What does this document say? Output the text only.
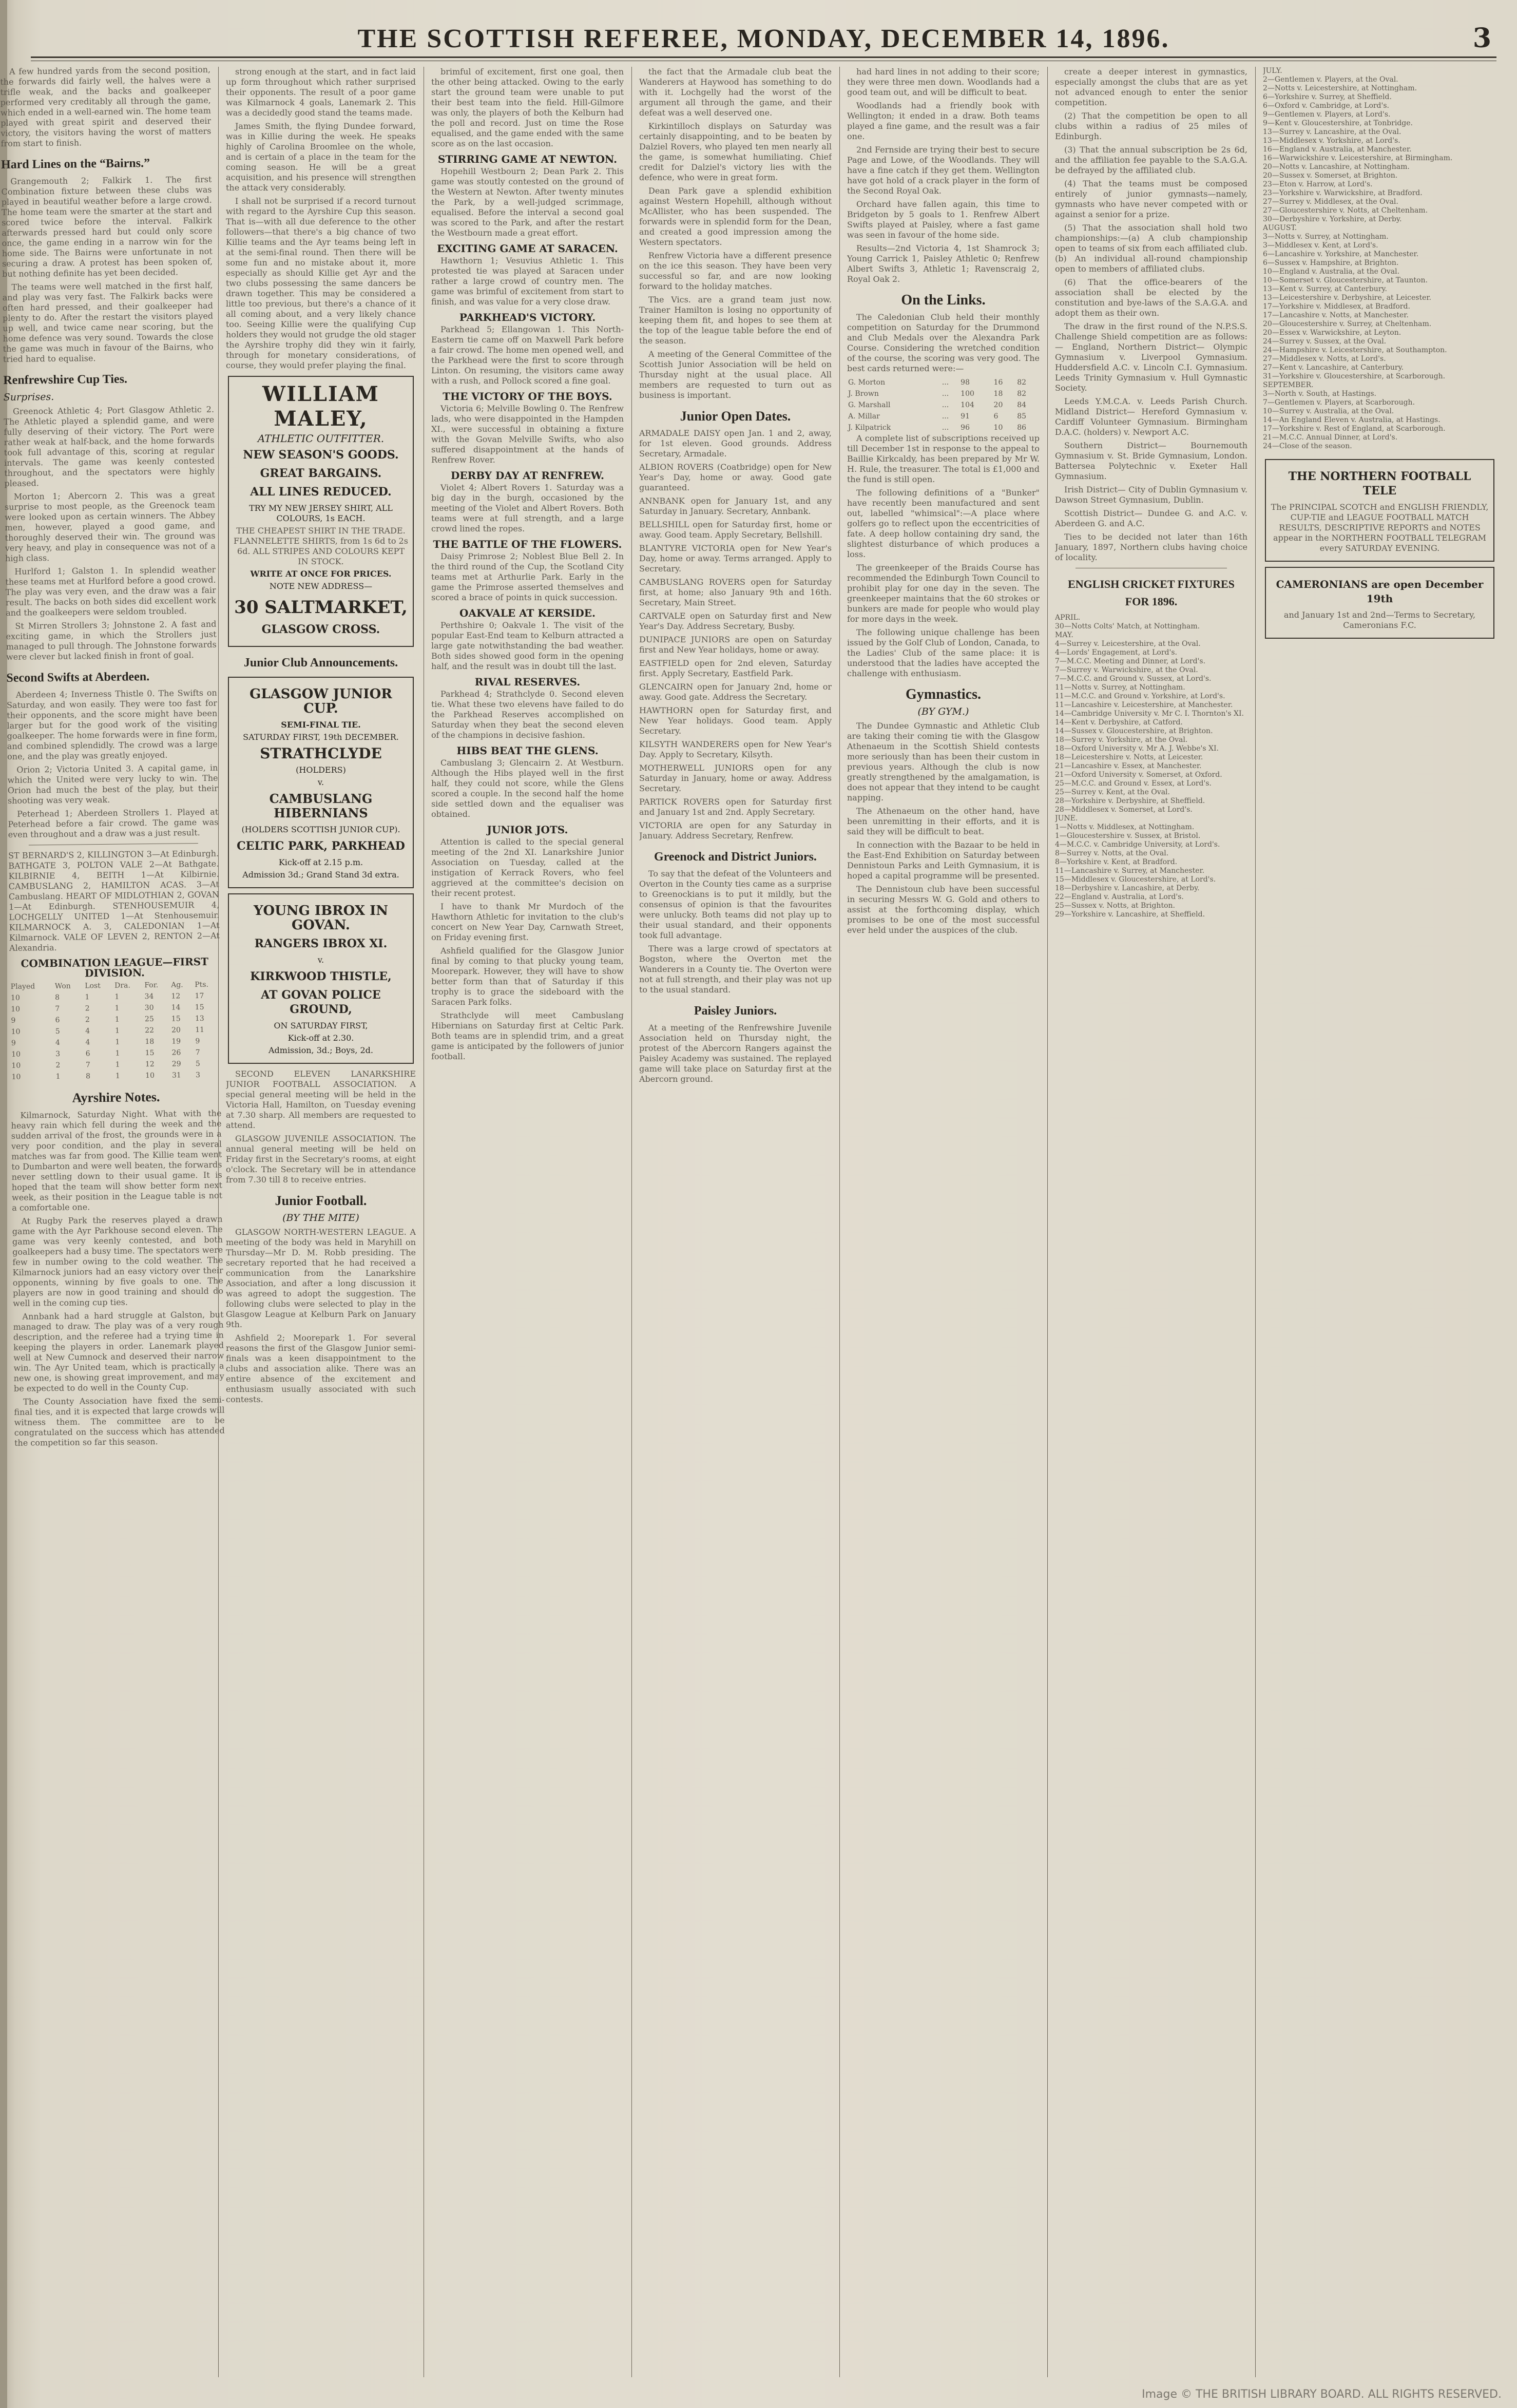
THE SCOTTISH REFEREE, MONDAY, DECEMBER 14, 1896.	3

A few hundred yards from the second position, the forwards did fairly well, the halves were a trifle weak, and the backs and goalkeeper performed very creditably all through the game, which ended in a well-earned win. The home team played with great spirit and deserved their victory, the visitors having the worst of matters from start to finish.

Hard Lines on the “Bairns.”

Grangemouth 2; Falkirk 1. The first Combination fixture between these clubs was played in beautiful weather before a large crowd. The home team were the smarter at the start and scored twice before the interval. Falkirk afterwards pressed hard but could only score once, the game ending in a narrow win for the home side. The Bairns were unfortunate in not securing a draw. A protest has been spoken of, but nothing definite has yet been decided.

The teams were well matched in the first half, and play was very fast. The Falkirk backs were often hard pressed, and their goalkeeper had plenty to do. After the restart the visitors played up well, and twice came near scoring, but the home defence was very sound. Towards the close the game was much in favour of the Bairns, who tried hard to equalise.

Renfrewshire Cup Ties.
Surprises.

Greenock Athletic 4; Port Glasgow Athletic 2. The Athletic played a splendid game, and were fully deserving of their victory. The Port were rather weak at half-back, and the home forwards took full advantage of this, scoring at regular intervals. The game was keenly contested throughout, and the spectators were highly pleased.

Morton 1; Abercorn 2. This was a great surprise to most people, as the Greenock team were looked upon as certain winners. The Abbey men, however, played a good game, and thoroughly deserved their win. The ground was very heavy, and play in consequence was not of a high class.

Hurlford 1; Galston 1. In splendid weather these teams met at Hurlford before a good crowd. The play was very even, and the draw was a fair result. The backs on both sides did excellent work and the goalkeepers were seldom troubled.

St Mirren Strollers 3; Johnstone 2. A fast and exciting game, in which the Strollers just managed to pull through. The Johnstone forwards were clever but lacked finish in front of goal.

Second Swifts at Aberdeen.

Aberdeen 4; Inverness Thistle 0. The Swifts on Saturday, and won easily. They were too fast for their opponents, and the score might have been larger but for the good work of the visiting goalkeeper. The home forwards were in fine form, and combined splendidly. The crowd was a large one, and the play was greatly enjoyed.

Orion 2; Victoria United 3. A capital game, in which the United were very lucky to win. The Orion had much the best of the play, but their shooting was very weak.

Peterhead 1; Aberdeen Strollers 1. Played at Peterhead before a fair crowd. The game was even throughout and a draw was a just result.

ST BERNARD'S 2, KILLINGTON 3—At Edinburgh. BATHGATE 3, POLTON VALE 2—At Bathgate. KILBIRNIE 4, BEITH 1—At Kilbirnie. CAMBUSLANG 2, HAMILTON ACAS. 3—At Cambuslang. HEART OF MIDLOTHIAN 2, GOVAN 1—At Edinburgh. STENHOUSEMUIR 4, LOCHGELLY UNITED 1—At Stenhousemuir. KILMARNOCK A. 3, CALEDONIAN 1—At Kilmarnock. VALE OF LEVEN 2, RENTON 2—At Alexandria.

COMBINATION LEAGUE—FIRST DIVISION.
Played	Won	Lost	Dra.	For.	Ag.	Pts.
10	8	1	1	34	12	17
10	7	2	1	30	14	15
9	6	2	1	25	15	13
10	5	4	1	22	20	11
9	4	4	1	18	19	9
10	3	6	1	15	26	7
10	2	7	1	12	29	5
10	1	8	1	10	31	3
Ayrshire Notes.

Kilmarnock, Saturday Night. What with the heavy rain which fell during the week and the sudden arrival of the frost, the grounds were in a very poor condition, and the play in several matches was far from good. The Killie team went to Dumbarton and were well beaten, the forwards never settling down to their usual game. It is hoped that the team will show better form next week, as their position in the League table is not a comfortable one.

At Rugby Park the reserves played a drawn game with the Ayr Parkhouse second eleven. The game was very keenly contested, and both goalkeepers had a busy time. The spectators were few in number owing to the cold weather. The Kilmarnock juniors had an easy victory over their opponents, winning by five goals to one. The players are now in good training and should do well in the coming cup ties.

Annbank had a hard struggle at Galston, but managed to draw. The play was of a very rough description, and the referee had a trying time in keeping the players in order. Lanemark played well at New Cumnock and deserved their narrow win. The Ayr United team, which is practically a new one, is showing great improvement, and may be expected to do well in the County Cup.

The County Association have fixed the semi-final ties, and it is expected that large crowds will witness them. The committee are to be congratulated on the success which has attended the competition so far this season.

strong enough at the start, and in fact laid up form throughout which rather surprised their opponents. The result of a poor game was Kilmarnock 4 goals, Lanemark 2. This was a decidedly good stand the teams made.

James Smith, the flying Dundee forward, was in Killie during the week. He speaks highly of Carolina Broomlee on the whole, and is certain of a place in the team for the coming season. He will be a great acquisition, and his presence will strengthen the attack very considerably.

I shall not be surprised if a record turnout with regard to the Ayrshire Cup this season. That is—with all due deference to the other followers—that there's a big chance of two Killie teams and the Ayr teams being left in at the semi-final round. Then there will be some fun and no mistake about it, more especially as should Killie get Ayr and the two clubs possessing the same dancers be drawn together. This may be considered a little too previous, but there's a chance of it all coming about, and a very likely chance too. Seeing Killie were the qualifying Cup holders they would not grudge the old stager the Ayrshire trophy did they win it fairly, through for monetary considerations, of course, they would prefer playing the final.

WILLIAM MALEY,
ATHLETIC OUTFITTER.
NEW SEASON'S GOODS.
GREAT BARGAINS.
ALL LINES REDUCED.
TRY MY NEW JERSEY SHIRT, ALL COLOURS, 1s EACH.
THE CHEAPEST SHIRT IN THE TRADE. FLANNELETTE SHIRTS, from 1s 6d to 2s 6d. ALL STRIPES AND COLOURS KEPT IN STOCK.
WRITE AT ONCE FOR PRICES.
NOTE NEW ADDRESS—
30 SALTMARKET,
GLASGOW CROSS.
Junior Club Announcements.
GLASGOW JUNIOR CUP.
SEMI-FINAL TIE.
SATURDAY FIRST, 19th DECEMBER.
STRATHCLYDE
(HOLDERS)
v.
CAMBUSLANG HIBERNIANS
(HOLDERS SCOTTISH JUNIOR CUP).
CELTIC PARK, PARKHEAD
Kick-off at 2.15 p.m.
Admission 3d.; Grand Stand 3d extra.
YOUNG IBROX IN GOVAN.
RANGERS IBROX XI.
v.
KIRKWOOD THISTLE,
AT GOVAN POLICE GROUND,
ON SATURDAY FIRST,
Kick-off at 2.30.
Admission, 3d.; Boys, 2d.

SECOND ELEVEN LANARKSHIRE JUNIOR FOOTBALL ASSOCIATION. A special general meeting will be held in the Victoria Hall, Hamilton, on Tuesday evening at 7.30 sharp. All members are requested to attend.

GLASGOW JUVENILE ASSOCIATION. The annual general meeting will be held on Friday first in the Secretary's rooms, at eight o'clock. The Secretary will be in attendance from 7.30 till 8 to receive entries.

Junior Football.
(BY THE MITE)

GLASGOW NORTH-WESTERN LEAGUE. A meeting of the body was held in Maryhill on Thursday—Mr D. M. Robb presiding. The secretary reported that he had received a communication from the Lanarkshire Association, and after a long discussion it was agreed to adopt the suggestion. The following clubs were selected to play in the Glasgow League at Kelburn Park on January 9th.

Ashfield 2; Moorepark 1. For several reasons the first of the Glasgow Junior semi-finals was a keen disappointment to the clubs and association alike. There was an entire absence of the excitement and enthusiasm usually associated with such contests.

brimful of excitement, first one goal, then the other being attacked. Owing to the early start the ground team were unable to put their best team into the field. Hill-Gilmore was only, the players of both the Kelburn had the poll and record. Just on time the Rose equalised, and the game ended with the same score as on the last occasion.

STIRRING GAME AT NEWTON.

Hopehill Westbourn 2; Dean Park 2. This game was stoutly contested on the ground of the Western at Newton. After twenty minutes the Park, by a well-judged scrimmage, equalised. Before the interval a second goal was scored to the Park, and after the restart the Westbourn made a great effort.

EXCITING GAME AT SARACEN.

Hawthorn 1; Vesuvius Athletic 1. This protested tie was played at Saracen under rather a large crowd of country men. The game was brimful of excitement from start to finish, and was value for a very close draw.

PARKHEAD'S VICTORY.

Parkhead 5; Ellangowan 1. This North-Eastern tie came off on Maxwell Park before a fair crowd. The home men opened well, and the Parkhead were the first to score through Linton. On resuming, the visitors came away with a rush, and Pollock scored a fine goal.

THE VICTORY OF THE BOYS.

Victoria 6; Melville Bowling 0. The Renfrew lads, who were disappointed in the Hampden XI., were successful in obtaining a fixture with the Govan Melville Swifts, who also suffered disappointment at the hands of Renfrew Rover.

DERBY DAY AT RENFREW.

Violet 4; Albert Rovers 1. Saturday was a big day in the burgh, occasioned by the meeting of the Violet and Albert Rovers. Both teams were at full strength, and a large crowd lined the ropes.

THE BATTLE OF THE FLOWERS.

Daisy Primrose 2; Noblest Blue Bell 2. In the third round of the Cup, the Scotland City teams met at Arthurlie Park. Early in the game the Primrose asserted themselves and scored a brace of points in quick succession.

OAKVALE AT KERSIDE.

Perthshire 0; Oakvale 1. The visit of the popular East-End team to Kelburn attracted a large gate notwithstanding the bad weather. Both sides showed good form in the opening half, and the result was in doubt till the last.

RIVAL RESERVES.

Parkhead 4; Strathclyde 0. Second eleven tie. What these two elevens have failed to do the Parkhead Reserves accomplished on Saturday when they beat the second eleven of the champions in decisive fashion.

HIBS BEAT THE GLENS.

Cambuslang 3; Glencairn 2. At Westburn. Although the Hibs played well in the first half, they could not score, while the Glens scored a couple. In the second half the home side settled down and the equaliser was obtained.

JUNIOR JOTS.

Attention is called to the special general meeting of the 2nd XI. Lanarkshire Junior Association on Tuesday, called at the instigation of Kerrack Rovers, who feel aggrieved at the committee's decision on their recent protest.

I have to thank Mr Murdoch of the Hawthorn Athletic for invitation to the club's concert on New Year Day, Carnwath Street, on Friday evening first.

Ashfield qualified for the Glasgow Junior final by coming to that plucky young team, Moorepark. However, they will have to show better form than that of Saturday if this trophy is to grace the sideboard with the Saracen Park folks.

Strathclyde will meet Cambuslang Hibernians on Saturday first at Celtic Park. Both teams are in splendid trim, and a great game is anticipated by the followers of junior football.

the fact that the Armadale club beat the Wanderers at Haywood has something to do with it. Lochgelly had the worst of the argument all through the game, and their defeat was a well deserved one.

Kirkintilloch displays on Saturday was certainly disappointing, and to be beaten by Dalziel Rovers, who played ten men nearly all the game, is somewhat humiliating. Chief credit for Dalziel's victory lies with the defence, who were in great form.

Dean Park gave a splendid exhibition against Western Hopehill, although without McAllister, who has been suspended. The forwards were in splendid form for the Dean, and created a good impression among the Western spectators.

Renfrew Victoria have a different presence on the ice this season. They have been very successful so far, and are now looking forward to the holiday matches.

The Vics. are a grand team just now. Trainer Hamilton is losing no opportunity of keeping them fit, and hopes to see them at the top of the league table before the end of the season.

A meeting of the General Committee of the Scottish Junior Association will be held on Thursday night at the usual place. All members are requested to turn out as business is important.

Junior Open Dates.

ARMADALE DAISY open Jan. 1 and 2, away, for 1st eleven. Good grounds. Address Secretary, Armadale.

ALBION ROVERS (Coatbridge) open for New Year's Day, home or away. Good gate guaranteed.

ANNBANK open for January 1st, and any Saturday in January. Secretary, Annbank.

BELLSHILL open for Saturday first, home or away. Good team. Apply Secretary, Bellshill.

BLANTYRE VICTORIA open for New Year's Day, home or away. Terms arranged. Apply to Secretary.

CAMBUSLANG ROVERS open for Saturday first, at home; also January 9th and 16th. Secretary, Main Street.

CARTVALE open on Saturday first and New Year's Day. Address Secretary, Busby.

DUNIPACE JUNIORS are open on Saturday first and New Year holidays, home or away.

EASTFIELD open for 2nd eleven, Saturday first. Apply Secretary, Eastfield Park.

GLENCAIRN open for January 2nd, home or away. Good gate. Address the Secretary.

HAWTHORN open for Saturday first, and New Year holidays. Good team. Apply Secretary.

KILSYTH WANDERERS open for New Year's Day. Apply to Secretary, Kilsyth.

MOTHERWELL JUNIORS open for any Saturday in January, home or away. Address Secretary.

PARTICK ROVERS open for Saturday first and January 1st and 2nd. Apply Secretary.

VICTORIA are open for any Saturday in January. Address Secretary, Renfrew.

Greenock and District Juniors.

To say that the defeat of the Volunteers and Overton in the County ties came as a surprise to Greenockians is to put it mildly, but the consensus of opinion is that the favourites were unlucky. Both teams did not play up to their usual standard, and their opponents took full advantage.

There was a large crowd of spectators at Bogston, where the Overton met the Wanderers in a County tie. The Overton were not at full strength, and their play was not up to the usual standard.

Paisley Juniors.

At a meeting of the Renfrewshire Juvenile Association held on Thursday night, the protest of the Abercorn Rangers against the Paisley Academy was sustained. The replayed game will take place on Saturday first at the Abercorn ground.

had hard lines in not adding to their score; they were three men down. Woodlands had a good team out, and will be difficult to beat.

Woodlands had a friendly book with Wellington; it ended in a draw. Both teams played a fine game, and the result was a fair one.

2nd Fernside are trying their best to secure Page and Lowe, of the Woodlands. They will have a fine catch if they get them. Wellington have got hold of a crack player in the form of the Second Royal Oak.

Orchard have fallen again, this time to Bridgeton by 5 goals to 1. Renfrew Albert Swifts played at Paisley, where a fast game was seen in favour of the home side.

Results—2nd Victoria 4, 1st Shamrock 3; Young Carrick 1, Paisley Athletic 0; Renfrew Albert Swifts 3, Athletic 1; Ravenscraig 2, Royal Oak 2.

On the Links.

The Caledonian Club held their monthly competition on Saturday for the Drummond and Club Medals over the Alexandra Park Course. Considering the wretched condition of the course, the scoring was very good. The best cards returned were:—

G. Morton	...	98	16	82
J. Brown	...	100	18	82
G. Marshall	...	104	20	84
A. Millar	...	91	6	85
J. Kilpatrick	...	96	10	86

A complete list of subscriptions received up till December 1st in response to the appeal to Baillie Kirkcaldy, has been prepared by Mr W. H. Rule, the treasurer. The total is £1,000 and the fund is still open.

The following definitions of a "Bunker" have recently been manufactured and sent out, labelled "whimsical":—A place where golfers go to reflect upon the eccentricities of fate. A deep hollow containing dry sand, the slightest disturbance of which produces a loss.

The greenkeeper of the Braids Course has recommended the Edinburgh Town Council to prohibit play for one day in the seven. The greenkeeper maintains that the 60 strokes or bunkers are made for people who would play for more days in the week.

The following unique challenge has been issued by the Golf Club of London, Canada, to the Ladies' Club of the same place: it is understood that the ladies have accepted the challenge with enthusiasm.

Gymnastics.
(BY GYM.)

The Dundee Gymnastic and Athletic Club are taking their coming tie with the Glasgow Athenaeum in the Scottish Shield contests more seriously than has been their custom in previous years. Although the club is now greatly strengthened by the amalgamation, is does not appear that they intend to be caught napping.

The Athenaeum on the other hand, have been unremitting in their efforts, and it is said they will be difficult to beat.

In connection with the Bazaar to be held in the East-End Exhibition on Saturday between Dennistoun Parks and Leith Gymnasium, it is hoped a capital programme will be presented.

The Dennistoun club have been successful in securing Messrs W. G. Gold and others to assist at the forthcoming display, which promises to be one of the most successful ever held under the auspices of the club.

create a deeper interest in gymnastics, especially amongst the clubs that are as yet not advanced enough to enter the senior competition.

(2) That the competition be open to all clubs within a radius of 25 miles of Edinburgh.

(3) That the annual subscription be 2s 6d, and the affiliation fee payable to the S.A.G.A. be defrayed by the affiliated club.

(4) That the teams must be composed entirely of junior gymnasts—namely, gymnasts who have never competed with or against a senior for a prize.

(5) That the association shall hold two championships:—(a) A club championship open to teams of six from each affiliated club. (b) An individual all-round championship open to members of affiliated clubs.

(6) That the office-bearers of the association shall be elected by the constitution and bye-laws of the S.A.G.A. and adopt them as their own.

The draw in the first round of the N.P.S.S. Challenge Shield competition are as follows:— England, Northern District— Olympic Gymnasium v. Liverpool Gymnasium. Huddersfield A.C. v. Lincoln C.I. Gymnasium. Leeds Trinity Gymnasium v. Hull Gymnastic Society.

Leeds Y.M.C.A. v. Leeds Parish Church. Midland District— Hereford Gymnasium v. Cardiff Volunteer Gymnasium. Birmingham D.A.C. (holders) v. Newport A.C.

Southern District— Bournemouth Gymnasium v. St. Bride Gymnasium, London. Battersea Polytechnic v. Exeter Hall Gymnasium.

Irish District— City of Dublin Gymnasium v. Dawson Street Gymnasium, Dublin.

Scottish District— Dundee G. and A.C. v. Aberdeen G. and A.C.

Ties to be decided not later than 16th January, 1897, Northern clubs having choice of locality.

ENGLISH CRICKET FIXTURES FOR 1896.

APRIL.

30—Notts Colts' Match, at Nottingham.

MAY.

4—Surrey v. Leicestershire, at the Oval.

4—Lords' Engagement, at Lord's.

7—M.C.C. Meeting and Dinner, at Lord's.

7—Surrey v. Warwickshire, at the Oval.

7—M.C.C. and Ground v. Sussex, at Lord's.

11—Notts v. Surrey, at Nottingham.

11—M.C.C. and Ground v. Yorkshire, at Lord's.

11—Lancashire v. Leicestershire, at Manchester.

14—Cambridge University v. Mr C. I. Thornton's XI.

14—Kent v. Derbyshire, at Catford.

14—Sussex v. Gloucestershire, at Brighton.

18—Surrey v. Yorkshire, at the Oval.

18—Oxford University v. Mr A. J. Webbe's XI.

18—Leicestershire v. Notts, at Leicester.

21—Lancashire v. Essex, at Manchester.

21—Oxford University v. Somerset, at Oxford.

25—M.C.C. and Ground v. Essex, at Lord's.

25—Surrey v. Kent, at the Oval.

28—Yorkshire v. Derbyshire, at Sheffield.

28—Middlesex v. Somerset, at Lord's.

JUNE.

1—Notts v. Middlesex, at Nottingham.

1—Gloucestershire v. Sussex, at Bristol.

4—M.C.C. v. Cambridge University, at Lord's.

8—Surrey v. Notts, at the Oval.

8—Yorkshire v. Kent, at Bradford.

11—Lancashire v. Surrey, at Manchester.

15—Middlesex v. Gloucestershire, at Lord's.

18—Derbyshire v. Lancashire, at Derby.

22—England v. Australia, at Lord's.

25—Sussex v. Notts, at Brighton.

29—Yorkshire v. Lancashire, at Sheffield.

JULY.

2—Gentlemen v. Players, at the Oval.

2—Notts v. Leicestershire, at Nottingham.

6—Yorkshire v. Surrey, at Sheffield.

6—Oxford v. Cambridge, at Lord's.

9—Gentlemen v. Players, at Lord's.

9—Kent v. Gloucestershire, at Tonbridge.

13—Surrey v. Lancashire, at the Oval.

13—Middlesex v. Yorkshire, at Lord's.

16—England v. Australia, at Manchester.

16—Warwickshire v. Leicestershire, at Birmingham.

20—Notts v. Lancashire, at Nottingham.

20—Sussex v. Somerset, at Brighton.

23—Eton v. Harrow, at Lord's.

23—Yorkshire v. Warwickshire, at Bradford.

27—Surrey v. Middlesex, at the Oval.

27—Gloucestershire v. Notts, at Cheltenham.

30—Derbyshire v. Yorkshire, at Derby.

AUGUST.

3—Notts v. Surrey, at Nottingham.

3—Middlesex v. Kent, at Lord's.

6—Lancashire v. Yorkshire, at Manchester.

6—Sussex v. Hampshire, at Brighton.

10—England v. Australia, at the Oval.

10—Somerset v. Gloucestershire, at Taunton.

13—Kent v. Surrey, at Canterbury.

13—Leicestershire v. Derbyshire, at Leicester.

17—Yorkshire v. Middlesex, at Bradford.

17—Lancashire v. Notts, at Manchester.

20—Gloucestershire v. Surrey, at Cheltenham.

20—Essex v. Warwickshire, at Leyton.

24—Surrey v. Sussex, at the Oval.

24—Hampshire v. Leicestershire, at Southampton.

27—Middlesex v. Notts, at Lord's.

27—Kent v. Lancashire, at Canterbury.

31—Yorkshire v. Gloucestershire, at Scarborough.

SEPTEMBER.

3—North v. South, at Hastings.

7—Gentlemen v. Players, at Scarborough.

10—Surrey v. Australia, at the Oval.

14—An England Eleven v. Australia, at Hastings.

17—Yorkshire v. Rest of England, at Scarborough.

21—M.C.C. Annual Dinner, at Lord's.

24—Close of the season.

THE NORTHERN FOOTBALL TELE
The PRINCIPAL SCOTCH and ENGLISH FRIENDLY, CUP-TIE and LEAGUE FOOTBALL MATCH RESULTS, DESCRIPTIVE REPORTS and NOTES appear in the NORTHERN FOOTBALL TELEGRAM every SATURDAY EVENING.
CAMERONIANS are open December 19th
and January 1st and 2nd—Terms to Secretary, Cameronians F.C.
Image © THE BRITISH LIBRARY BOARD. ALL RIGHTS RESERVED.
